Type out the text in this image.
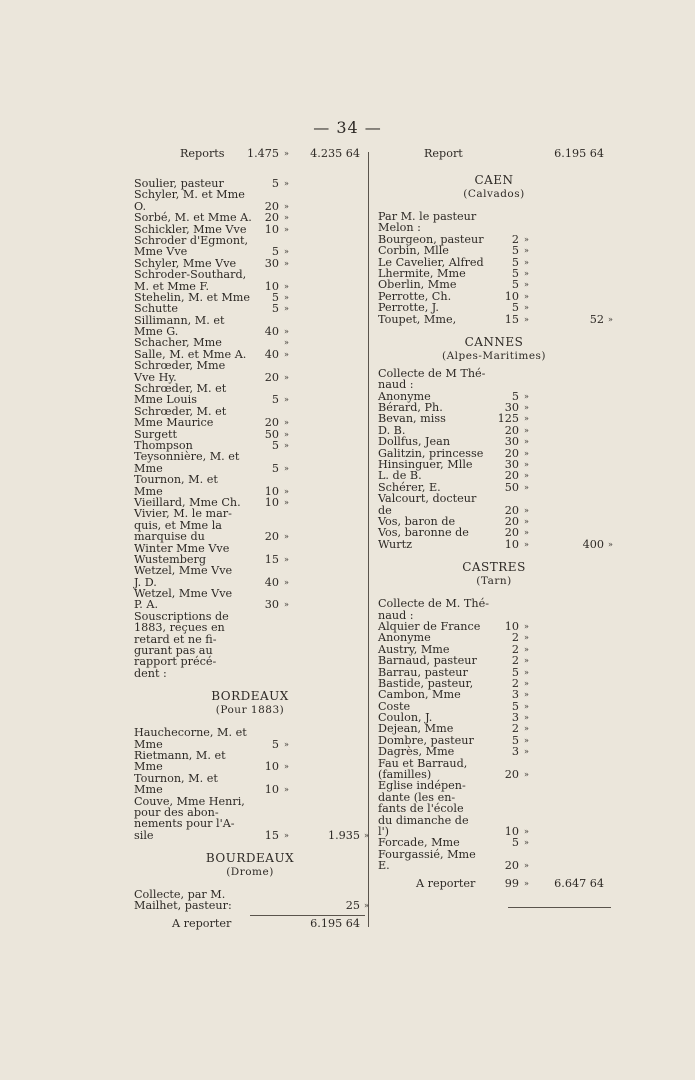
— 34 —
Reports 1.475 » 4.235 64
Soulier, pasteur	5 »
Schyler, M. et Mme
O.	20 »
Sorbé, M. et Mme A. 20 »
Schickler, Mme Vve 10 »
Schroder d'Egmont,
Mme Vve	5 »
Schyler, Mme Vve	30 »
Schroder-Southard,
M. et Mme F.	10 »
Stehelin, M. et Mme 5 »
Schutte	5 »
Sillimann, M. et
Mme G.	40 »
Schacher, Mme	»
Salle, M. et Mme A. 40 »
Schrœder, Mme
Vve Hy.	20 »
Schrœder, M. et
Mme Louis	5 »
Schrœder, M. et
Mme Maurice	20 »
Surgett	50 »
Thompson	5 »
Teysonnière, M. et
Mme	5 »
Tournon, M. et
Mme	10 »
Vieillard, Mme Ch. 10 »
Vivier, M. le mar-
quis, et Mme la
marquise du	20 »
Winter Mme Vve
Wustemberg	15 »
Wetzel, Mme Vve
J. D.	40 »
Wetzel, Mme Vve
P. A.	30 »
Souscriptions de
1883, reçues en
retard et ne fi-
gurant pas au
rapport précé-
dent :
BORDEAUX
(Pour 1883)
Hauchecorne, M. et
Mme	5 »
Rietmann, M. et
Mme	10 »
Tournon, M. et
Mme	10 »
Couve, Mme Henri,
pour des abon-
nements pour l'A-
sile	15 »	1.935 »
BOURDEAUX
(Drome)
Collecte, par M.
Mailhet, pasteur:	25 »
A reporter	6.195 64
Report	6.195 64
CAEN
(Calvados)
Par M. le pasteur
Melon :
Bourgeon, pasteur	2 »
Corbin, Mlle	5 »
Le Cavelier, Alfred	5 »
Lhermite, Mme	5 »
Oberlin, Mme	5 »
Perrotte, Ch.	10 »
Perrotte, J.	5 »
Toupet, Mme,	15 »	52 »
CANNES
(Alpes-Maritimes)
Collecte de M Thé-
naud :
Anonyme	5 »
Bérard, Ph.	30 »
Bevan, miss	125 »
D. B.	20 »
Dollfus, Jean	30 »
Galitzin, princesse 20 »
Hinsinguer, Mlle	30 »
L. de B.	20 »
Schérer, E.	50 »
Valcourt, docteur
de	20 »
Vos, baron de	20 »
Vos, baronne de	20 »
Wurtz	10 »	400 »
CASTRES
(Tarn)
Collecte de M. Thé-
naud :
Alquier de France 10 »
Anonyme	2 »
Austry, Mme	2 »
Barnaud, pasteur	2 »
Barrau, pasteur	5 »
Bastide, pasteur,	2 »
Cambon, Mme	3 »
Coste	5 »
Coulon, J.	3 »
Dejean, Mme	2 »
Dombre, pasteur	5 »
Dagrès, Mme	3 »
Fau et Barraud,
(familles)	20 »
Eglise indépen-
dante (les en-
fants de l'école
du dimanche de
l')	10 »
Forcade, Mme	5 »
Fourgassié, Mme
E.	20 »
A reporter	99 » 6.647 64
